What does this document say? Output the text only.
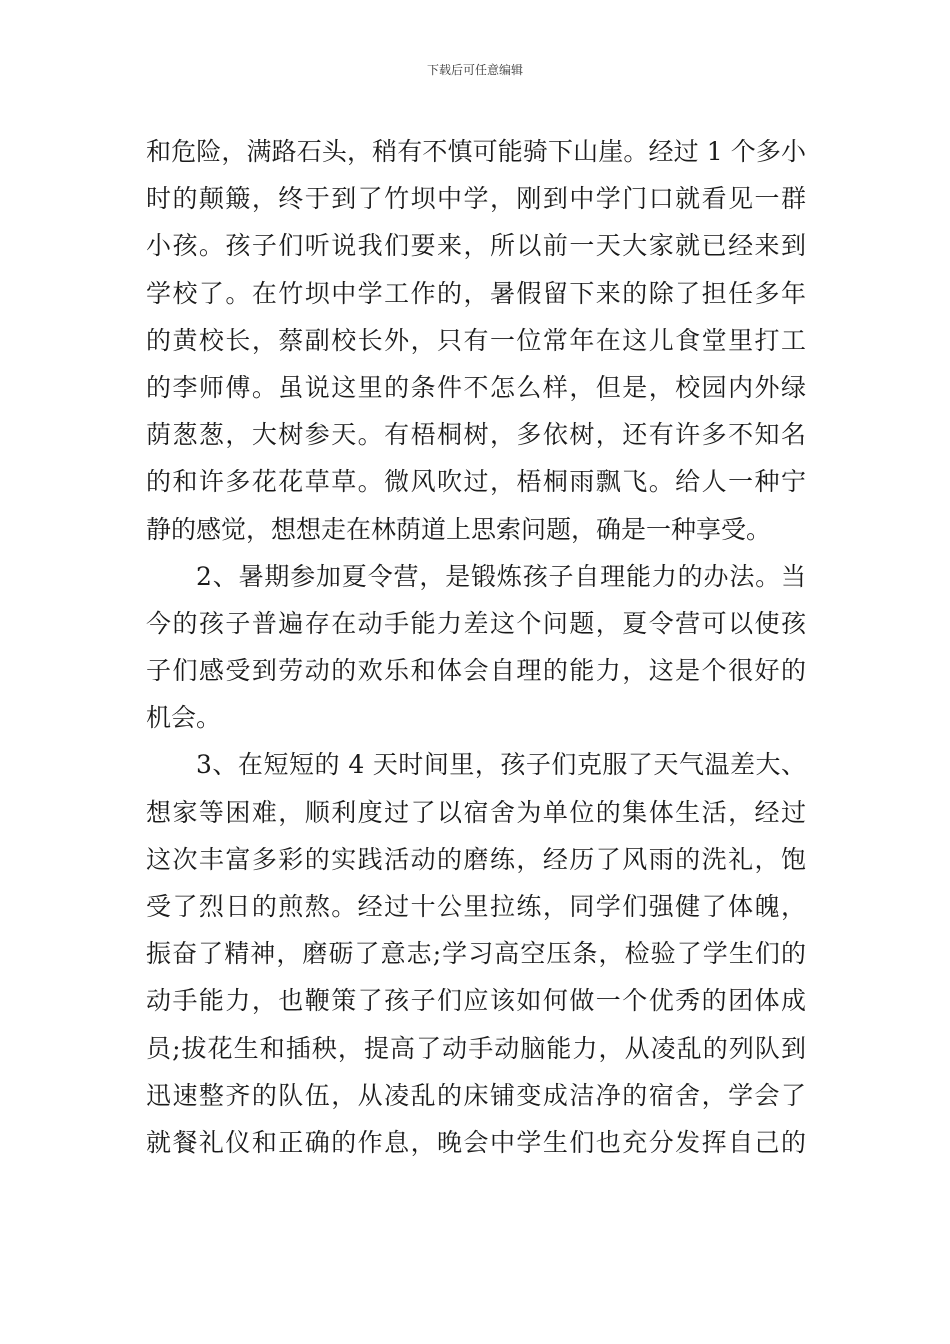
下载后可任意编辑
和危险，满路石头，稍有不慎可能骑下山崖。经过 1 个多小
时的颠簸，终于到了竹坝中学，刚到中学门口就看见一群
小孩。孩子们听说我们要来，所以前一天大家就已经来到
学校了。在竹坝中学工作的，暑假留下来的除了担任多年
的黄校长，蔡副校长外，只有一位常年在这儿食堂里打工
的李师傅。虽说这里的条件不怎么样，但是，校园内外绿
荫葱葱，大树参天。有梧桐树，多依树，还有许多不知名
的和许多花花草草。微风吹过，梧桐雨飘飞。给人一种宁
静的感觉，想想走在林荫道上思索问题，确是一种享受。
2、暑期参加夏令营，是锻炼孩子自理能力的办法。当
今的孩子普遍存在动手能力差这个问题，夏令营可以使孩
子们感受到劳动的欢乐和体会自理的能力，这是个很好的
机会。
3、在短短的 4 天时间里，孩子们克服了天气温差大、
想家等困难，顺利度过了以宿舍为单位的集体生活，经过
这次丰富多彩的实践活动的磨练，经历了风雨的洗礼，饱
受了烈日的煎熬。经过十公里拉练，同学们强健了体魄，
振奋了精神，磨砺了意志;学习高空压条，检验了学生们的
动手能力，也鞭策了孩子们应该如何做一个优秀的团体成
员;拔花生和插秧，提高了动手动脑能力，从凌乱的列队到
迅速整齐的队伍，从凌乱的床铺变成洁净的宿舍，学会了
就餐礼仪和正确的作息，晚会中学生们也充分发挥自己的
